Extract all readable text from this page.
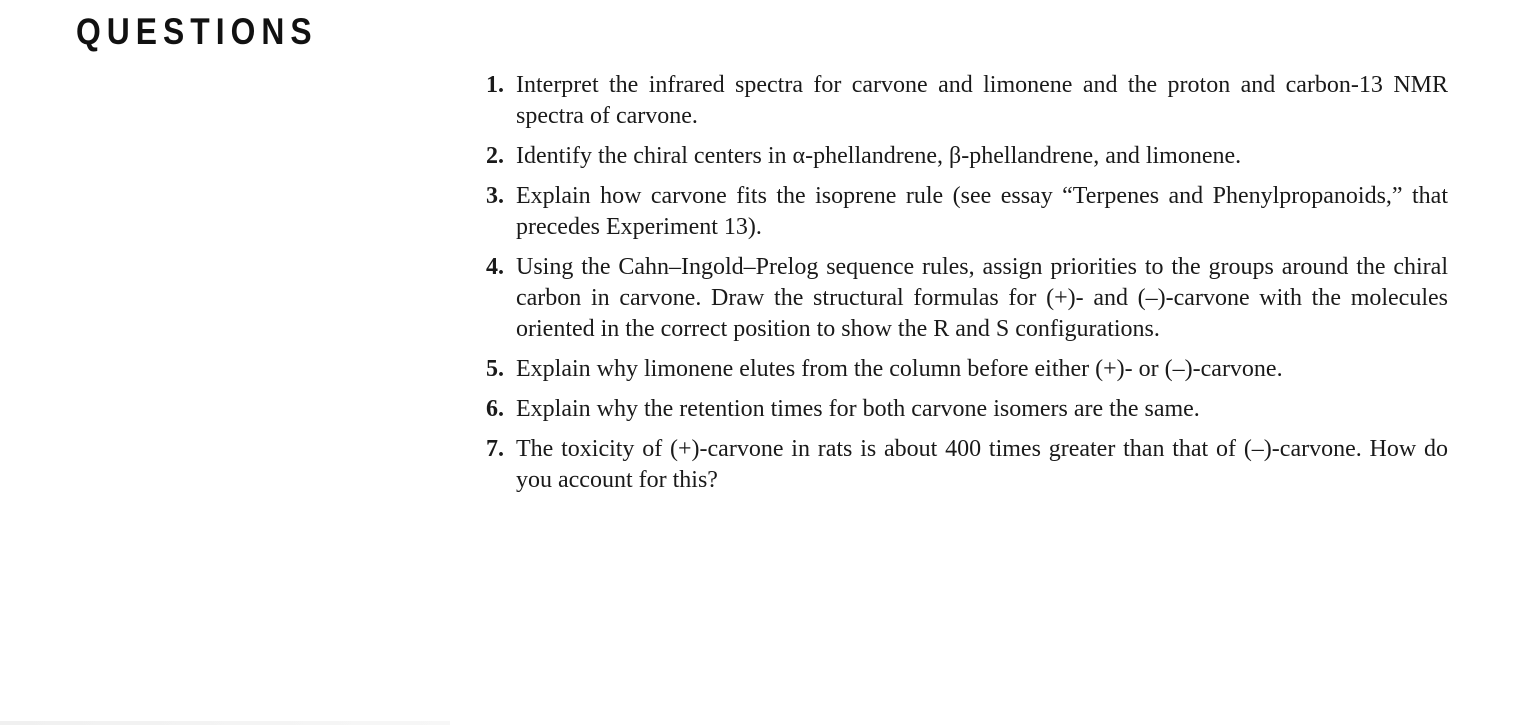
QUESTIONS
1. Interpret the infrared spectra for carvone and limonene and the proton and carbon-13 NMR spectra of carvone.
2. Identify the chiral centers in α-phellandrene, β-phellandrene, and limonene.
3. Explain how carvone fits the isoprene rule (see essay “Terpenes and Phenylpropanoids,” that precedes Experiment 13).
4. Using the Cahn–Ingold–Prelog sequence rules, assign priorities to the groups around the chiral carbon in carvone. Draw the structural formulas for (+)- and (–)-carvone with the molecules oriented in the correct position to show the R and S configurations.
5. Explain why limonene elutes from the column before either (+)- or (–)-carvone.
6. Explain why the retention times for both carvone isomers are the same.
7. The toxicity of (+)-carvone in rats is about 400 times greater than that of (–)-carvone. How do you account for this?
